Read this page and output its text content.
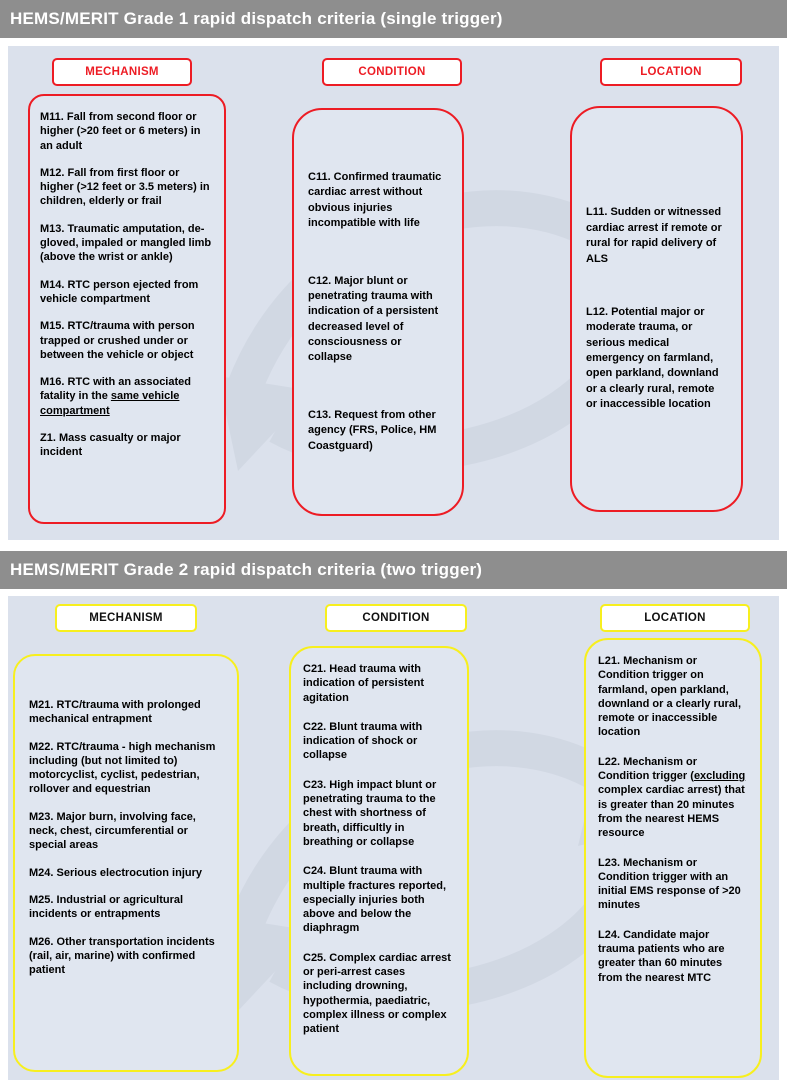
HEMS/MERIT Grade 1 rapid dispatch criteria (single trigger)
MECHANISM	CONDITION	LOCATION

M11. Fall from second floor or higher (>20 feet or 6 meters) in an adult

M12. Fall from first floor or higher (>12 feet or 3.5 meters) in children, elderly or frail

M13. Traumatic amputation, de-gloved, impaled or mangled limb (above the wrist or ankle)

M14. RTC person ejected from vehicle compartment

M15. RTC/trauma with person trapped or crushed under or between the vehicle or object

M16. RTC with an associated fatality in the same vehicle compartment

Z1. Mass casualty or major incident

C11. Confirmed traumatic cardiac arrest without obvious injuries incompatible with life

C12. Major blunt or penetrating trauma with indication of a persistent decreased level of consciousness or collapse

C13. Request from other agency (FRS, Police, HM Coastguard)

L11. Sudden or witnessed cardiac arrest if remote or rural for rapid delivery of ALS

L12. Potential major or moderate trauma, or serious medical emergency on farmland, open parkland, downland or a clearly rural, remote or inaccessible location

HEMS/MERIT Grade 2 rapid dispatch criteria (two trigger)
MECHANISM	CONDITION	LOCATION

M21. RTC/trauma with prolonged mechanical entrapment

M22. RTC/trauma - high mechanism including (but not limited to) motorcyclist, cyclist, pedestrian, rollover and equestrian

M23. Major burn, involving face, neck, chest, circumferential or special areas

M24. Serious electrocution injury

M25. Industrial or agricultural incidents or entrapments

M26. Other transportation incidents (rail, air, marine) with confirmed patient

C21. Head trauma with indication of persistent agitation

C22. Blunt trauma with indication of shock or collapse

C23. High impact blunt or penetrating trauma to the chest with shortness of breath, difficultly in breathing or collapse

C24. Blunt trauma with multiple fractures reported, especially injuries both above and below the diaphragm

C25. Complex cardiac arrest or peri-arrest cases including drowning, hypothermia, paediatric, complex illness or complex patient

L21. Mechanism or Condition trigger on farmland, open parkland, downland or a clearly rural, remote or inaccessible location

L22. Mechanism or Condition trigger (excluding complex cardiac arrest) that is greater than 20 minutes from the nearest HEMS resource

L23. Mechanism or Condition trigger with an initial EMS response of >20 minutes

L24. Candidate major trauma patients who are greater than 60 minutes from the nearest MTC
